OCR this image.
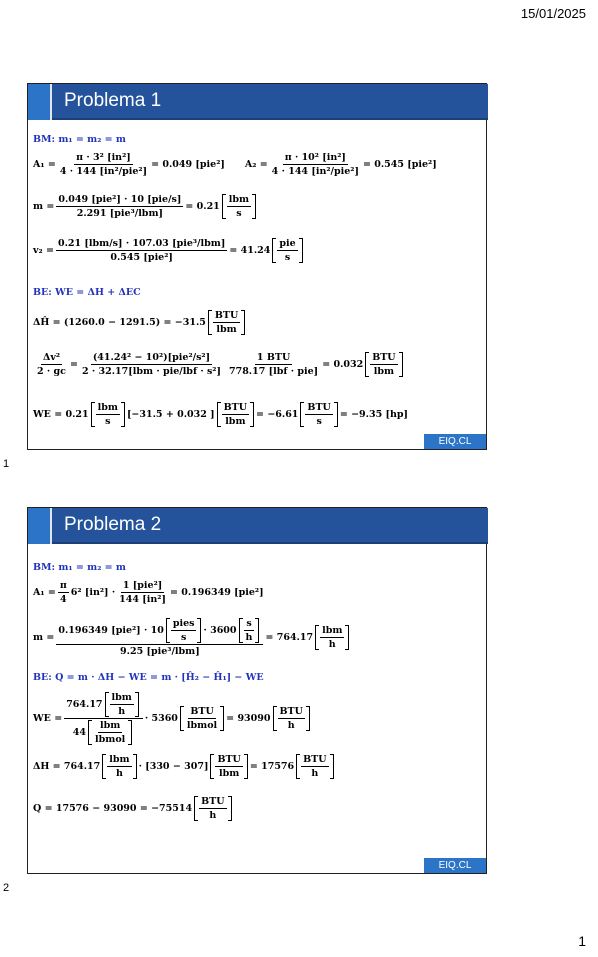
15/01/2025
Problema 1
BM: m₁ = m₂ = m
A₁ =
π · 3² [in²]
4 · 144 [in²/pie²]
= 0.049 [pie²] A₂ =
π · 10² [in²]
4 · 144 [in²/pie²]
= 0.545 [pie²]
m =
0.049 [pie²] · 10 [pie/s]
2.291 [pie³/lbm]
= 0.21
lbm
s
v₂ =
0.21 [lbm/s] · 107.03 [pie³/lbm]
0.545 [pie²]
= 41.24
pie
s
BE: WE = ΔH + ΔEC
ΔĤ = (1260.0 − 1291.5) = −31.5
BTU
lbm
$\frac{\text{Δv²}}{2 \cdot gc}$ =
(41.24² − 10²)[pie²/s²]
2 · 32.17[lbm · pie/lbf · s²]
1 BTU
778.17 [lbf · pie]
= 0.032
BTU
lbm
WE = 0.21
lbm
s
[−31.5 + 0.032 ]
BTU
lbm
= −6.61
BTU
s
= −9.35 [hp]
EIQ.CL
1
Problema 2
BM: m₁ = m₂ = m
$A_1 = \frac{\pi}{4} 6^2$ [in²] ·
1 [pie²]
144 [in²]
= 0.196349 [pie²]
m =
0.196349 [pie²] · 10
pies
s
· 3600
s
h
9.25 [pie³/lbm]
= 764.17
lbm
h
BE: Q = m · ΔH − WE = m · [Ĥ₂ − Ĥ₁] − WE
WE =
764.17
lbm
h
44
lbm
lbmol
· 5360
BTU
lbmol
= 93090
BTU
h
ΔH = 764.17
lbm
h
· [330 − 307]
BTU
lbm
= 17576
BTU
h
Q = 17576 − 93090 = −75514
BTU
h
EIQ.CL
2
1
